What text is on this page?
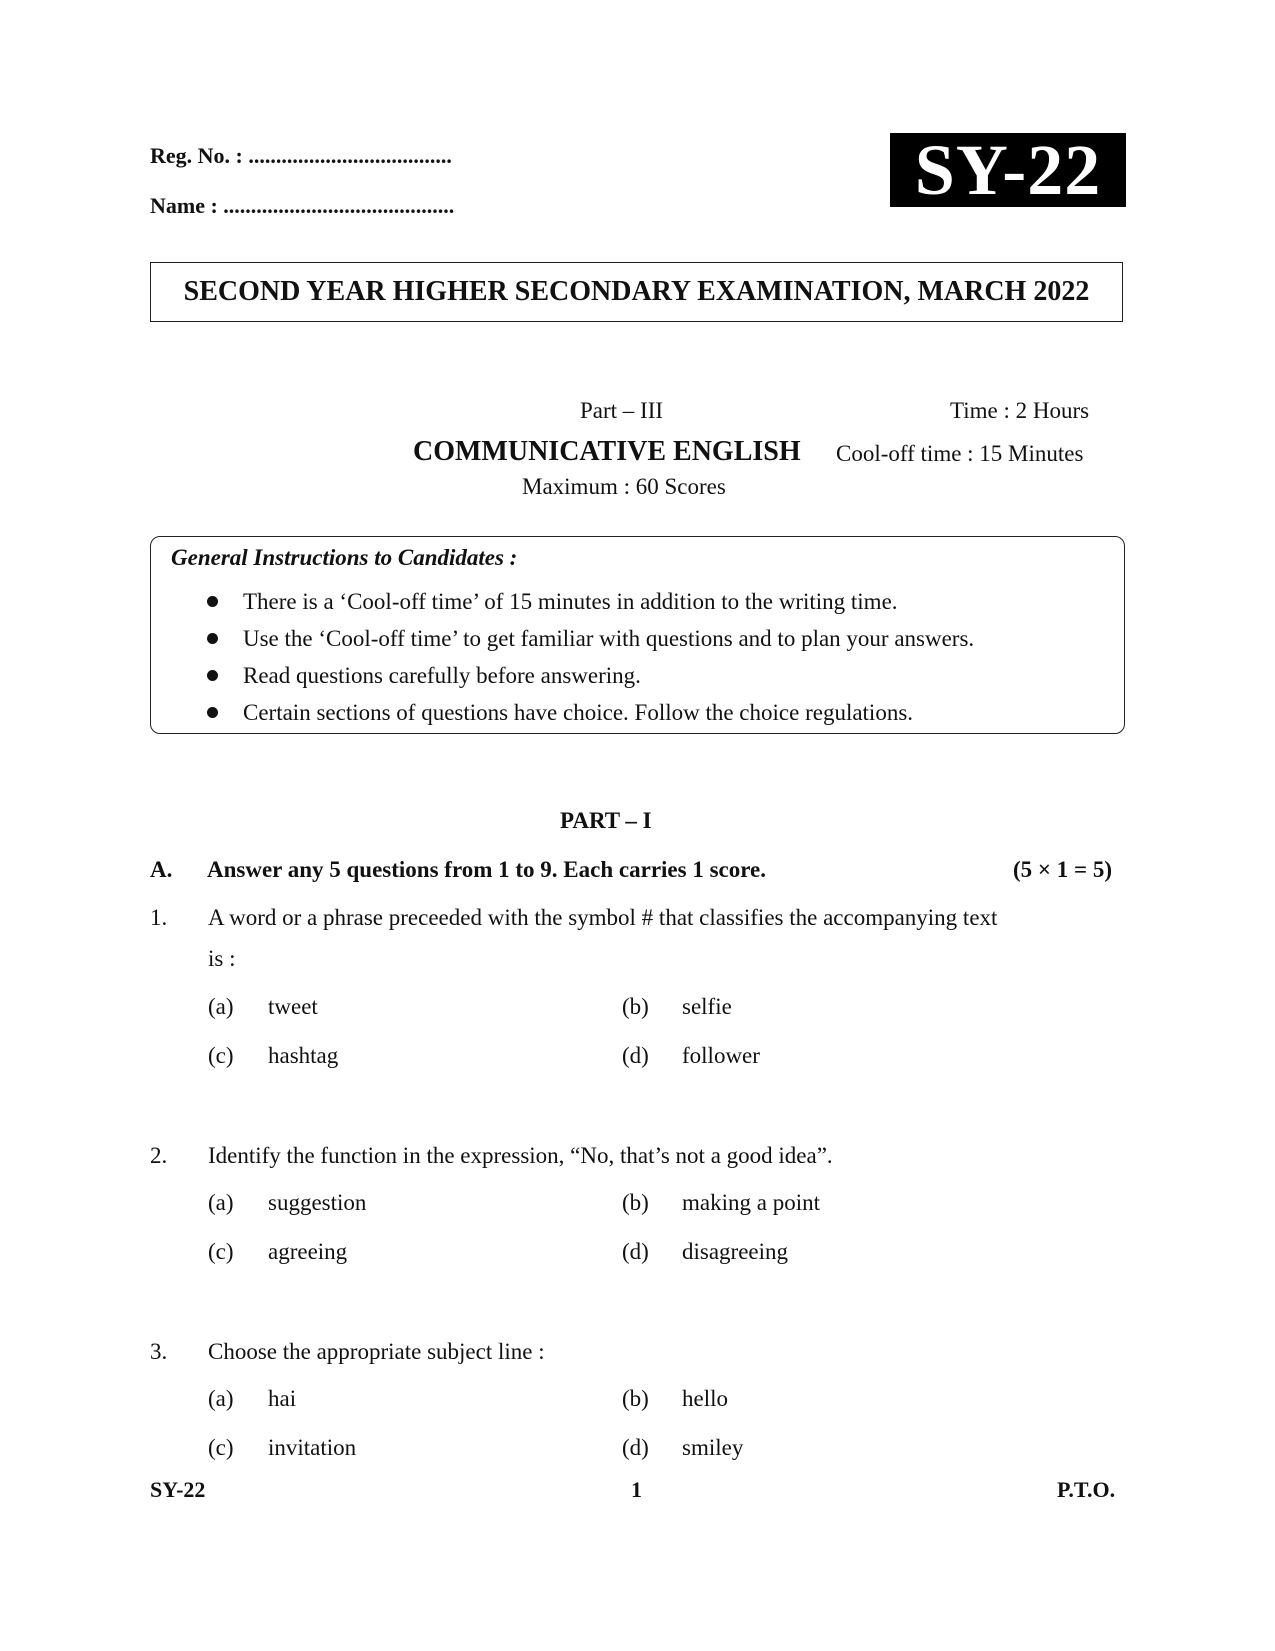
Reg. No. : .....................................
Name : ..........................................	SY-22
SECOND YEAR HIGHER SECONDARY EXAMINATION, MARCH 2022
Part – III	Time : 2 Hours
COMMUNICATIVE ENGLISH Cool-off time : 15 Minutes
Maximum : 60 Scores
General Instructions to Candidates :
There is a ‘Cool-off time’ of 15 minutes in addition to the writing time.
Use the ‘Cool-off time’ to get familiar with questions and to plan your answers.
Read questions carefully before answering.
Certain sections of questions have choice. Follow the choice regulations.
PART – I
A. Answer any 5 questions from 1 to 9. Each carries 1 score.	(5 × 1 = 5)
1. A word or a phrase preceeded with the symbol # that classifies the accompanying text
is :
(a) tweet	(b) selfie
(c) hashtag	(d) follower
2. Identify the function in the expression, “No, that’s not a good idea”.
(a) suggestion	(b) making a point
(c) agreeing	(d) disagreeing
3. Choose the appropriate subject line :
(a) hai	(b) hello
(c) invitation	(d) smiley
SY-22	1	P.T.O.
